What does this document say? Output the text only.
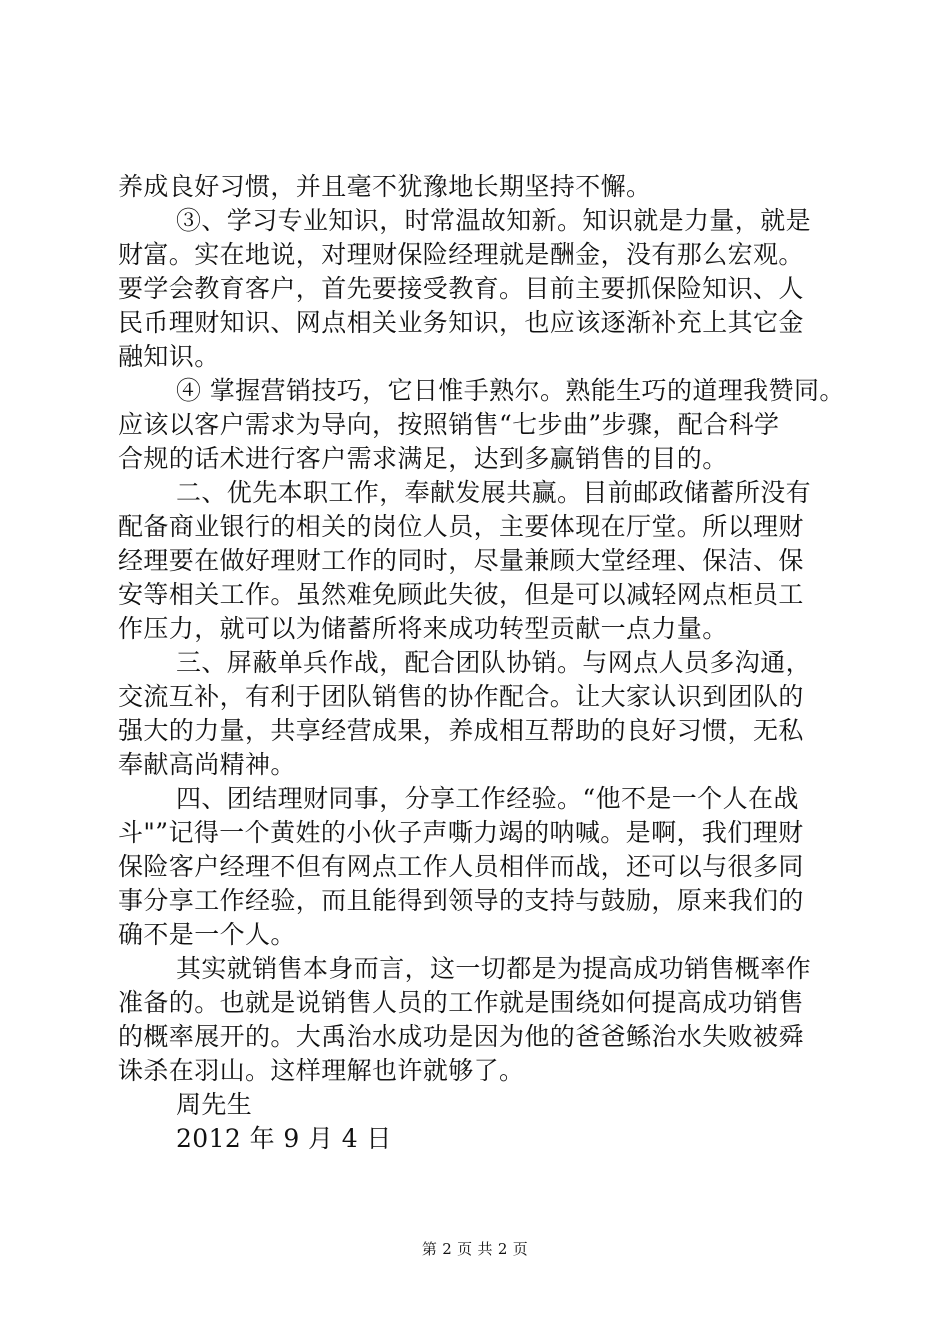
养成良好习惯，并且毫不犹豫地长期坚持不懈。
③、学习专业知识，时常温故知新。知识就是力量，就是
财富。实在地说，对理财保险经理就是酬金，没有那么宏观。
要学会教育客户，首先要接受教育。目前主要抓保险知识、人
民币理财知识、网点相关业务知识，也应该逐渐补充上其它金
融知识。
④ 掌握营销技巧，它日惟手熟尔。熟能生巧的道理我赞同。
应该以客户需求为导向，按照销售“七步曲”步骤，配合科学
合规的话术进行客户需求满足，达到多赢销售的目的。
二、优先本职工作，奉献发展共赢。目前邮政储蓄所没有
配备商业银行的相关的岗位人员，主要体现在厅堂。所以理财
经理要在做好理财工作的同时，尽量兼顾大堂经理、保洁、保
安等相关工作。虽然难免顾此失彼，但是可以减轻网点柜员工
作压力，就可以为储蓄所将来成功转型贡献一点力量。
三、屏蔽单兵作战，配合团队协销。与网点人员多沟通，
交流互补，有利于团队销售的协作配合。让大家认识到团队的
强大的力量，共享经营成果，养成相互帮助的良好习惯，无私
奉献高尚精神。
四、团结理财同事，分享工作经验。“他不是一个人在战
斗"”记得一个黄姓的小伙子声嘶力竭的呐喊。是啊，我们理财
保险客户经理不但有网点工作人员相伴而战，还可以与很多同
事分享工作经验，而且能得到领导的支持与鼓励，原来我们的
确不是一个人。
其实就销售本身而言，这一切都是为提高成功销售概率作
准备的。也就是说销售人员的工作就是围绕如何提高成功销售
的概率展开的。大禹治水成功是因为他的爸爸鲧治水失败被舜
诛杀在羽山。这样理解也许就够了。
周先生
2012 年 9 月 4 日
第 2 页 共 2 页
